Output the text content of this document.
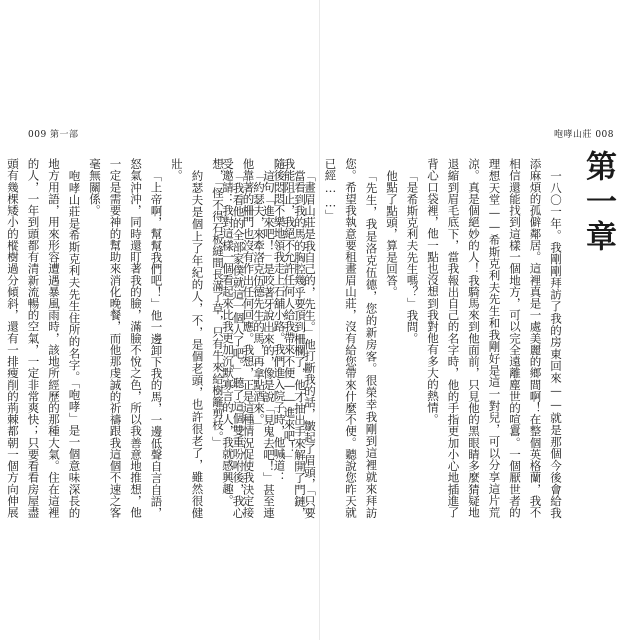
009 第一部

當看到我的馬的胸腔幾乎要頂到柵欄了，他才抽出手來解開了門鏈，隨後悶悶不樂地領我走上石舖小路。我們進入院子時，他喊道：

「約瑟夫，來牽洛克伍德先生的馬，再拿點酒來。」

「我看他的全部家僕就這一個人了吧。」聽了這個雙重吩咐後，我心想，「怪不得石板縫間長滿了草，只有牛來給樹籬剪枝。」

約瑟夫是個上了年紀的人，不，是個老頭，也許很老了，雖然很健壯。

「上帝啊，幫幫我們吧！」他一邊卸下我的馬，一邊低聲自言自語，怒氣沖沖，同時還盯著我的臉，滿臉不悅之色，所以我善意地推想，他一定是需要神的幫助來消化晚餐，而他那虔誠的祈禱跟我這個不速之客毫無關係。

咆哮山莊是希斯克利夫先生住所的名字。「咆哮」是一個意味深長的地方用語，用來形容遭遇暴風雨時，該地所經歷的那種大氣。住在這裡的人，一年到頭都有清新流暢的空氣，一定非常爽快；只要看看房屋盡頭有幾棵矮小的樅樹過分傾斜，還有一排瘦削的荊棘都朝一個方向伸展

咆哮山莊 008
第一章

一八〇一年。我剛剛拜訪了我的房東回來——就是那個今後會給我添麻煩的孤僻鄰居。這裡真是一處美麗的鄉間啊！在整個英格蘭，我不相信還能找到這樣一個地方，可以完全遠離塵世的喧囂。一個厭世者的理想天堂——希斯克利夫先生和我剛好是這一對兒，可以分享這片荒涼。真是個絕妙的人！我騎馬來到他面前，只見他的黑眼睛多麼猜疑地退縮到眉毛底下，當我報出自己的名字時，他的手指更加小心地插進了背心口袋裡，他一點也沒想到我對他有多大的熱情。

「是希斯克利夫先生嗎？」我問。

他點了點頭，算是回答。

「先生，我是洛克伍德，您的新房客。很榮幸我剛到這裡就來拜訪您。希望我執意要租畫眉山莊，沒有給您帶來什麼不便。聽說您昨天就已經……」

「畫眉山莊是我自己的，先生。」他打斷我的話，皺起了眉頭，「只要我能阻止，我絕不允許任何人給我帶來不便——進來吧！」

這句「進來吧！」是咬著牙說出來的，像是說「見鬼去吧！」甚至連他靠著的柵門也沒有作出任何回應。我想，正是這種情況促使我決定接受邀請：我對這樣一個看起來比我更加沉默寡言的人，我就感興趣。
